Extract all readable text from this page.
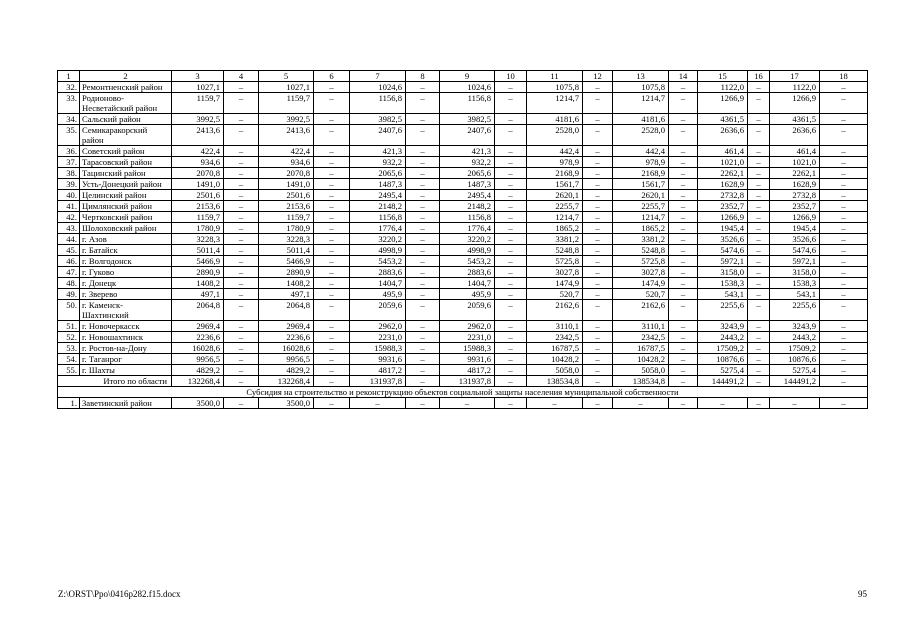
1	2	3	4	5	6	7	8	9	10	11	12	13	14	15	16	17	18
32.	Ремонтненский район	1027,1	–	1027,1	–	1024,6	–	1024,6	–	1075,8	–	1075,8	–	1122,0	–	1122,0	–
33.	Родионово-Несветайский район	1159,7	–	1159,7	–	1156,8	–	1156,8	–	1214,7	–	1214,7	–	1266,9	–	1266,9	–
34.	Сальский район	3992,5	–	3992,5	–	3982,5	–	3982,5	–	4181,6	–	4181,6	–	4361,5	–	4361,5	–
35.	Семикаракорский район	2413,6	–	2413,6	–	2407,6	–	2407,6	–	2528,0	–	2528,0	–	2636,6	–	2636,6	–
36.	Советский район	422,4	–	422,4	–	421,3	–	421,3	–	442,4	–	442,4	–	461,4	–	461,4	–
37.	Тарасовский район	934,6	–	934,6	–	932,2	–	932,2	–	978,9	–	978,9	–	1021,0	–	1021,0	–
38.	Тацинский район	2070,8	–	2070,8	–	2065,6	–	2065,6	–	2168,9	–	2168,9	–	2262,1	–	2262,1	–
39.	Усть-Донецкий район	1491,0	–	1491,0	–	1487,3	–	1487,3	–	1561,7	–	1561,7	–	1628,9	–	1628,9	–
40.	Целинский район	2501,6	–	2501,6	–	2495,4	–	2495,4	–	2620,1	–	2620,1	–	2732,8	–	2732,8	–
41.	Цимлянский район	2153,6	–	2153,6	–	2148,2	–	2148,2	–	2255,7	–	2255,7	–	2352,7	–	2352,7	–
42.	Чертковский район	1159,7	–	1159,7	–	1156,8	–	1156,8	–	1214,7	–	1214,7	–	1266,9	–	1266,9	–
43.	Шолоховский район	1780,9	–	1780,9	–	1776,4	–	1776,4	–	1865,2	–	1865,2	–	1945,4	–	1945,4	–
44.	г. Азов	3228,3	–	3228,3	–	3220,2	–	3220,2	–	3381,2	–	3381,2	–	3526,6	–	3526,6	–
45.	г. Батайск	5011,4	–	5011,4	–	4998,9	–	4998,9	–	5248,8	–	5248,8	–	5474,6	–	5474,6	–
46.	г. Волгодонск	5466,9	–	5466,9	–	5453,2	–	5453,2	–	5725,8	–	5725,8	–	5972,1	–	5972,1	–
47.	г. Гуково	2890,9	–	2890,9	–	2883,6	–	2883,6	–	3027,8	–	3027,8	–	3158,0	–	3158,0	–
48.	г. Донецк	1408,2	–	1408,2	–	1404,7	–	1404,7	–	1474,9	–	1474,9	–	1538,3	–	1538,3	–
49.	г. Зверево	497,1	–	497,1	–	495,9	–	495,9	–	520,7	–	520,7	–	543,1	–	543,1	–
50.	г. Каменск-Шахтинский	2064,8	–	2064,8	–	2059,6	–	2059,6	–	2162,6	–	2162,6	–	2255,6	–	2255,6	–
51.	г. Новочеркасск	2969,4	–	2969,4	–	2962,0	–	2962,0	–	3110,1	–	3110,1	–	3243,9	–	3243,9	–
52.	г. Новошахтинск	2236,6	–	2236,6	–	2231,0	–	2231,0	–	2342,5	–	2342,5	–	2443,2	–	2443,2	–
53.	г. Ростов-на-Дону	16028,6	–	16028,6	–	15988,3	–	15988,3	–	16787,5	–	16787,5	–	17509,2	–	17509,2	–
54.	г. Таганрог	9956,5	–	9956,5	–	9931,6	–	9931,6	–	10428,2	–	10428,2	–	10876,6	–	10876,6	–
55.	г. Шахты	4829,2	–	4829,2	–	4817,2	–	4817,2	–	5058,0	–	5058,0	–	5275,4	–	5275,4	–
Итого по области		132268,4	–	132268,4	–	131937,8	–	131937,8	–	138534,8	–	138534,8	–	144491,2	–	144491,2	–
Субсидия на строительство и реконструкцию объектов социальной защиты населения муниципальной собственности																	
1.	Заветинский район	3500,0	–	3500,0	–	–	–	–	–	–	–	–	–	–	–	–	–
Z:\ORST\Ppo\0416p282.f15.docx	95
